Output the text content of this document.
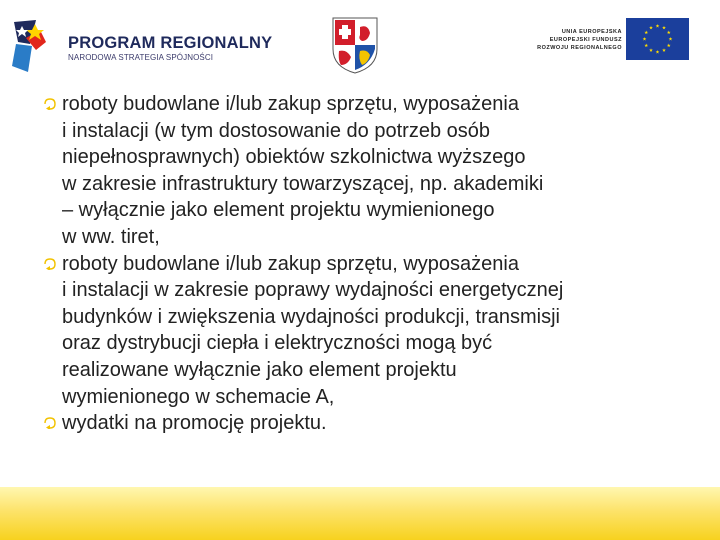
PROGRAM REGIONALNY
NARODOWA STRATEGIA SPÓJNOŚCI
UNIA EUROPEJSKA
EUROPEJSKI FUNDUSZ
ROZWOJU REGIONALNEGO
roboty budowlane i/lub zakup sprzętu, wyposażenia
i instalacji (w tym dostosowanie do potrzeb osób
niepełnosprawnych) obiektów szkolnictwa wyższego
w zakresie infrastruktury towarzyszącej, np. akademiki
– wyłącznie jako element projektu wymienionego
w ww. tiret,
roboty budowlane i/lub zakup sprzętu, wyposażenia
i instalacji w zakresie poprawy wydajności energetycznej
budynków i zwiększenia wydajności produkcji, transmisji
oraz dystrybucji ciepła i elektryczności mogą być
realizowane wyłącznie jako element projektu
wymienionego w schemacie A,
wydatki na promocję projektu.
